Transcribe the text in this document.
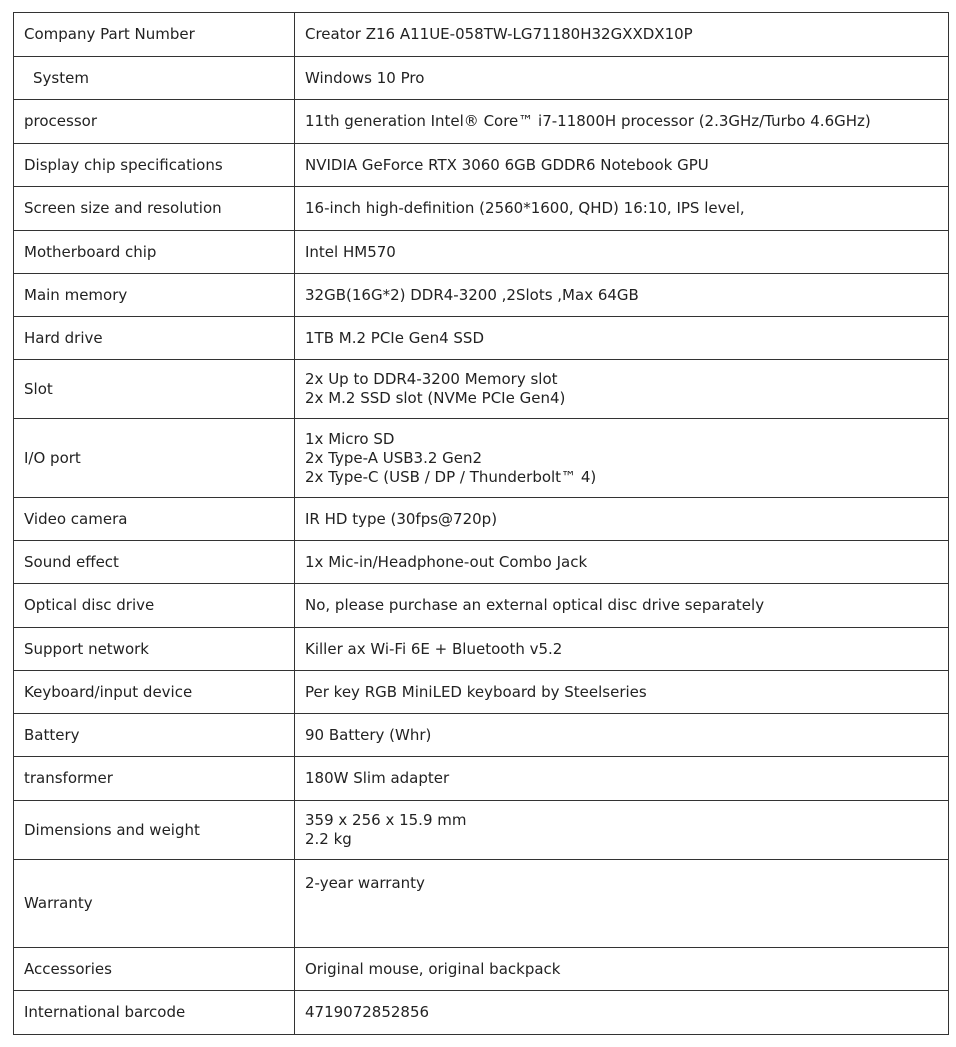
Company Part Number	Creator Z16 A11UE-058TW-LG71180H32GXXDX10P

System	Windows 10 Pro

processor	11th generation Intel® Core™ i7-11800H processor (2.3GHz/Turbo 4.6GHz)

Display chip specifications	NVIDIA GeForce RTX 3060 6GB GDDR6 Notebook GPU

Screen size and resolution	16-inch high-definition (2560*1600, QHD) 16:10, IPS level,

Motherboard chip	Intel HM570

Main memory	32GB(16G*2) DDR4-3200 ,2Slots ,Max 64GB

Hard drive	1TB M.2 PCIe Gen4 SSD

Slot	2x Up to DDR4-3200 Memory slot
2x M.2 SSD slot (NVMe PCIe Gen4)

I/O port	1x Micro SD
2x Type-A USB3.2 Gen2
2x Type-C (USB / DP / Thunderbolt™ 4)

Video camera	IR HD type (30fps@720p)

Sound effect	1x Mic-in/Headphone-out Combo Jack

Optical disc drive	No, please purchase an external optical disc drive separately

Support network	Killer ax Wi-Fi 6E + Bluetooth v5.2

Keyboard/input device	Per key RGB MiniLED keyboard by Steelseries

Battery	90 Battery (Whr)

transformer	180W Slim adapter

Dimensions and weight	359 x 256 x 15.9 mm
2.2 kg

Warranty	2-year warranty

Accessories	Original mouse, original backpack

International barcode	4719072852856
